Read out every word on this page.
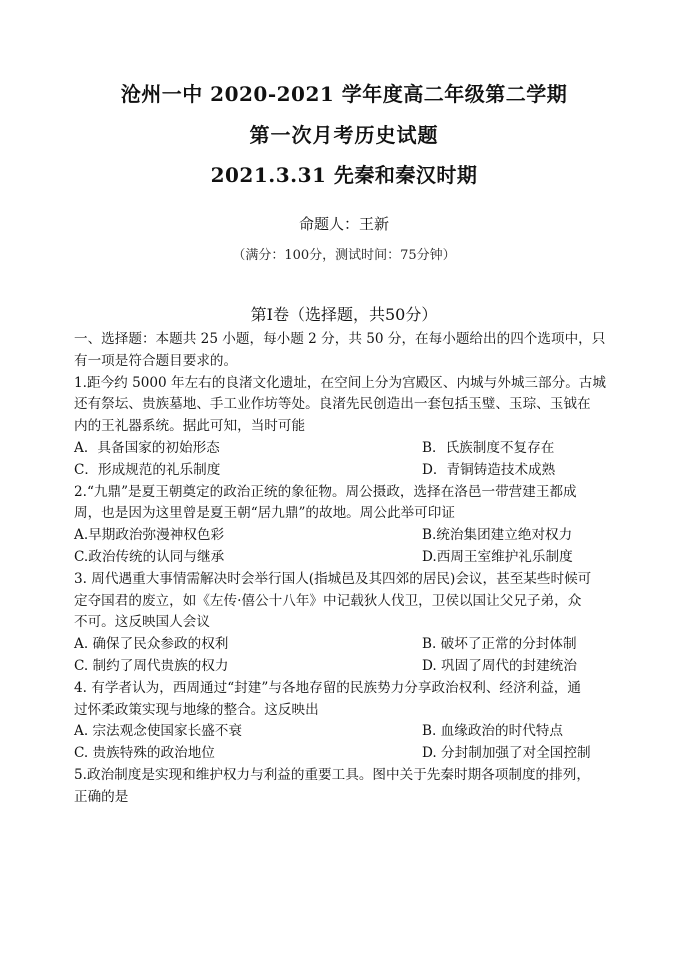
沧州一中 2020-2021 学年度高二年级第二学期
第一次月考历史试题
2021.3.31 先秦和秦汉时期
命题人：王新
（满分：100分，测试时间：75分钟）
第Ⅰ卷（选择题，共50分）

一、选择题：本题共 25 小题，每小题 2 分，共 50 分，在每小题给出的四个选项中，只

有一项是符合题目要求的。

1.距今约 5000 年左右的良渚文化遗址，在空间上分为宫殿区、内城与外城三部分。古城

还有祭坛、贵族墓地、手工业作坊等处。良渚先民创造出一套包括玉璧、玉琮、玉钺在

内的王礼器系统。据此可知，当时可能

A．具备国家的初始形态	B．氏族制度不复存在
C．形成规范的礼乐制度	D．青铜铸造技术成熟

2.“九鼎”是夏王朝奠定的政治正统的象征物。周公摄政，选择在洛邑一带营建王都成

周，也是因为这里曾是夏王朝“居九鼎”的故地。周公此举可印证

A.早期政治弥漫神权色彩	B.统治集团建立绝对权力
C.政治传统的认同与继承	D.西周王室维护礼乐制度

3. 周代遇重大事情需解决时会举行国人(指城邑及其四郊的居民)会议，甚至某些时候可

定夺国君的废立，如《左传·僖公十八年》中记载狄人伐卫，卫侯以国让父兄子弟，众

不可。这反映国人会议

A. 确保了民众参政的权利	B. 破坏了正常的分封体制
C. 制约了周代贵族的权力	D. 巩固了周代的封建统治

4. 有学者认为，西周通过“封建”与各地存留的民族势力分享政治权利、经济利益，通

过怀柔政策实现与地缘的整合。这反映出

A. 宗法观念使国家长盛不衰	B. 血缘政治的时代特点
C. 贵族特殊的政治地位	D. 分封制加强了对全国控制

5.政治制度是实现和维护权力与利益的重要工具。图中关于先秦时期各项制度的排列，

正确的是
